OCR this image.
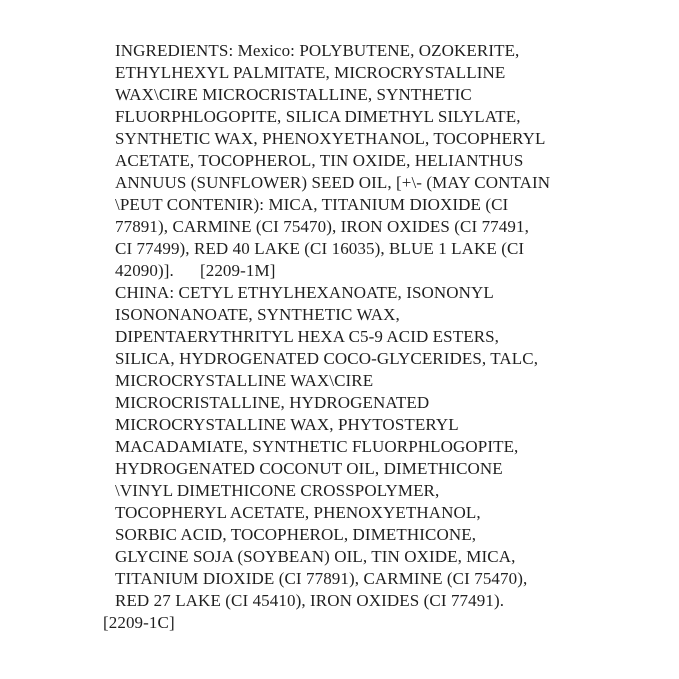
INGREDIENTS: Mexico: POLYBUTENE, OZOKERITE,
ETHYLHEXYL PALMITATE, MICROCRYSTALLINE
WAX\CIRE MICROCRISTALLINE, SYNTHETIC
FLUORPHLOGOPITE, SILICA DIMETHYL SILYLATE,
SYNTHETIC WAX, PHENOXYETHANOL, TOCOPHERYL
ACETATE, TOCOPHEROL, TIN OXIDE, HELIANTHUS
ANNUUS (SUNFLOWER) SEED OIL, [+\- (MAY CONTAIN
\PEUT CONTENIR): MICA, TITANIUM DIOXIDE (CI
77891), CARMINE (CI 75470), IRON OXIDES (CI 77491,
CI 77499), RED 40 LAKE (CI 16035), BLUE 1 LAKE (CI
42090)].      [2209-1M]
CHINA: CETYL ETHYLHEXANOATE, ISONONYL
ISONONANOATE, SYNTHETIC WAX,
DIPENTAERYTHRITYL HEXA C5-9 ACID ESTERS,
SILICA, HYDROGENATED COCO-GLYCERIDES, TALC,
MICROCRYSTALLINE WAX\CIRE
MICROCRISTALLINE, HYDROGENATED
MICROCRYSTALLINE WAX, PHYTOSTERYL
MACADAMIATE, SYNTHETIC FLUORPHLOGOPITE,
HYDROGENATED COCONUT OIL, DIMETHICONE
\VINYL DIMETHICONE CROSSPOLYMER,
TOCOPHERYL ACETATE, PHENOXYETHANOL,
SORBIC ACID, TOCOPHEROL, DIMETHICONE,
GLYCINE SOJA (SOYBEAN) OIL, TIN OXIDE, MICA,
TITANIUM DIOXIDE (CI 77891), CARMINE (CI 75470),
RED 27 LAKE (CI 45410), IRON OXIDES (CI 77491).
[2209-1C]
